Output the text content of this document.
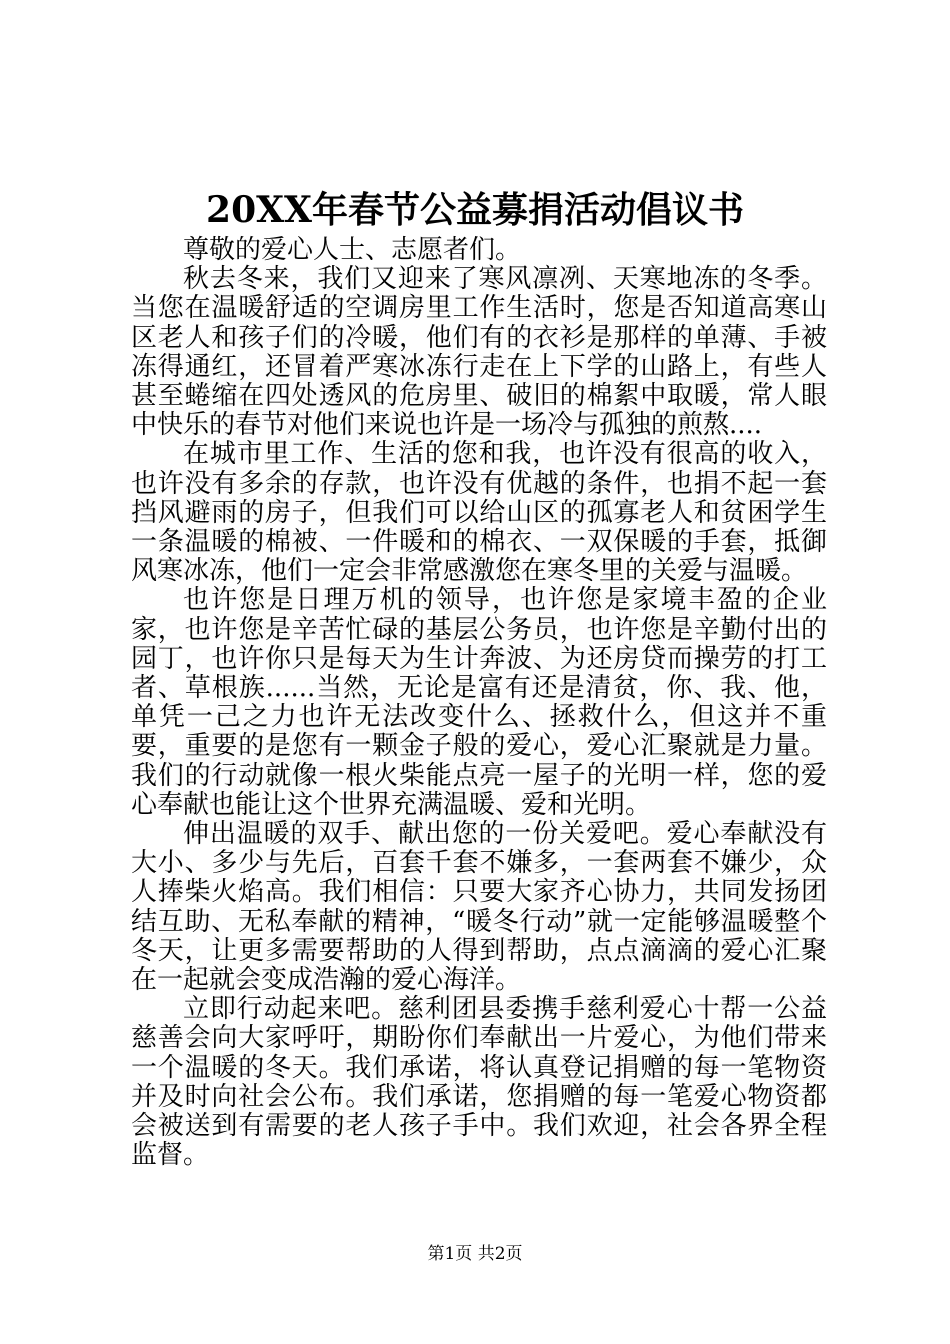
20XX年春节公益募捐活动倡议书

尊敬的爱心人士、志愿者们。

秋去冬来，我们又迎来了寒风凛冽、天寒地冻的冬季。当您在温暖舒适的空调房里工作生活时，您是否知道高寒山区老人和孩子们的冷暖，他们有的衣衫是那样的单薄、手被冻得通红，还冒着严寒冰冻行走在上下学的山路上，有些人甚至蜷缩在四处透风的危房里、破旧的棉絮中取暖，常人眼中快乐的春节对他们来说也许是一场冷与孤独的煎熬....

在城市里工作、生活的您和我，也许没有很高的收入，也许没有多余的存款，也许没有优越的条件，也捐不起一套挡风避雨的房子，但我们可以给山区的孤寡老人和贫困学生一条温暖的棉被、一件暖和的棉衣、一双保暖的手套，抵御风寒冰冻，他们一定会非常感激您在寒冬里的关爱与温暖。

也许您是日理万机的领导，也许您是家境丰盈的企业家，也许您是辛苦忙碌的基层公务员，也许您是辛勤付出的园丁，也许你只是每天为生计奔波、为还房贷而操劳的打工者、草根族......当然，无论是富有还是清贫，你、我、他，单凭一己之力也许无法改变什么、拯救什么，但这并不重要，重要的是您有一颗金子般的爱心，爱心汇聚就是力量。我们的行动就像一根火柴能点亮一屋子的光明一样，您的爱心奉献也能让这个世界充满温暖、爱和光明。

伸出温暖的双手、献出您的一份关爱吧。爱心奉献没有大小、多少与先后，百套千套不嫌多，一套两套不嫌少，众人捧柴火焰高。我们相信：只要大家齐心协力，共同发扬团结互助、无私奉献的精神，“暖冬行动”就一定能够温暖整个冬天，让更多需要帮助的人得到帮助，点点滴滴的爱心汇聚在一起就会变成浩瀚的爱心海洋。

立即行动起来吧。慈利团县委携手慈利爱心十帮一公益慈善会向大家呼吁，期盼你们奉献出一片爱心，为他们带来一个温暖的冬天。我们承诺，将认真登记捐赠的每一笔物资并及时向社会公布。我们承诺，您捐赠的每一笔爱心物资都会被送到有需要的老人孩子手中。我们欢迎，社会各界全程监督。

第1页 共2页
